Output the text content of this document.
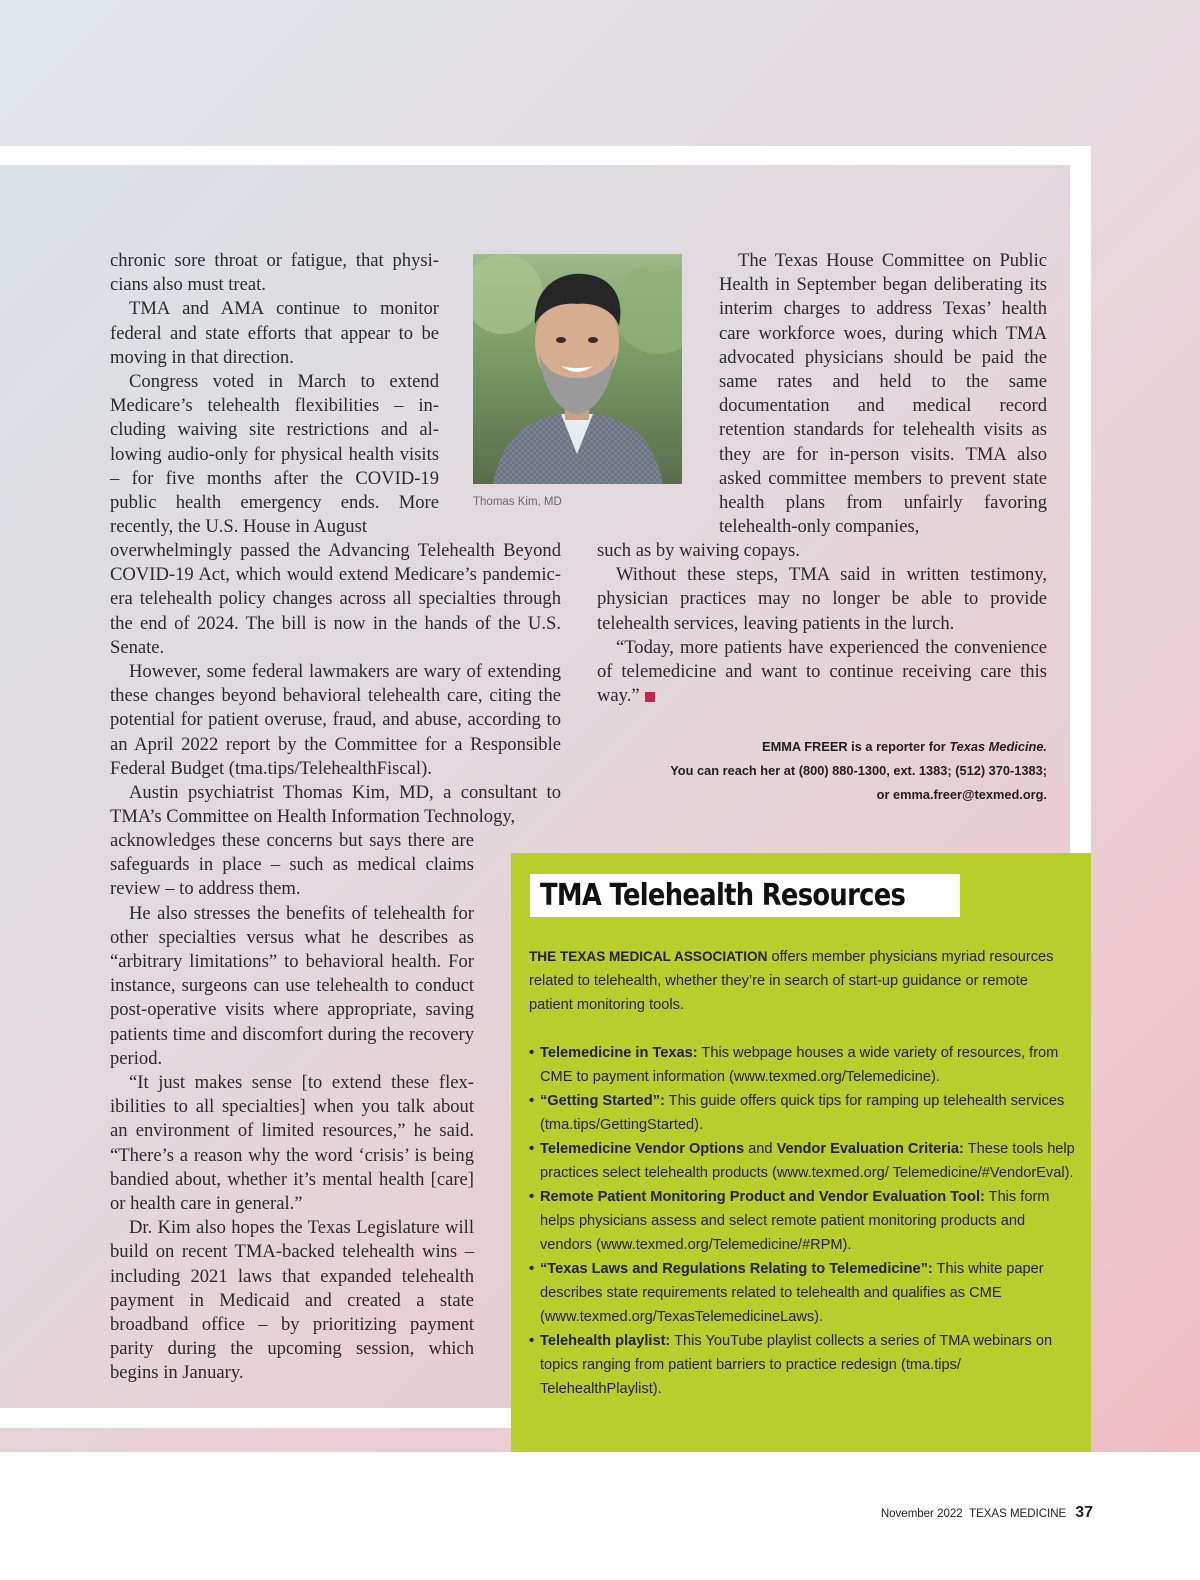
chronic sore throat or fatigue, that physicians also must treat.

TMA and AMA continue to monitor federal and state efforts that appear to be moving in that direction.

Congress voted in March to extend Medicare’s telehealth flexibilities – including waiving site restrictions and allowing audio-only for physical health visits – for five months after the COVID-19 public health emergency ends. More recently, the U.S. House in August

overwhelmingly passed the Advancing Telehealth Beyond COVID-19 Act, which would extend Medicare’s pandemic-era telehealth policy changes across all specialties through the end of 2024. The bill is now in the hands of the U.S. Senate.

However, some federal lawmakers are wary of extending these changes beyond behavioral telehealth care, citing the potential for patient overuse, fraud, and abuse, according to an April 2022 report by the Committee for a Responsible Federal Budget (tma.tips/TelehealthFiscal).

Austin psychiatrist Thomas Kim, MD, a consultant to TMA’s Committee on Health Information Technology,

acknowledges these concerns but says there are safeguards in place – such as medical claims review – to address them.

He also stresses the benefits of telehealth for other specialties versus what he describes as “arbitrary limitations” to behavioral health. For instance, surgeons can use telehealth to conduct post-operative visits where appropriate, saving patients time and discomfort during the recovery period.

“It just makes sense [to extend these flexibilities to all specialties] when you talk about an environment of limited resources,” he said. “There’s a reason why the word ‘crisis’ is being bandied about, whether it’s mental health [care] or health care in general.”

Dr. Kim also hopes the Texas Legislature will build on recent TMA-backed telehealth wins – including 2021 laws that expanded telehealth payment in Medicaid and created a state broadband office – by prioritizing payment parity during the upcoming session, which begins in January.

Thomas Kim, MD

The Texas House Committee on Public Health in September began deliberating its interim charges to address Texas’ health care workforce woes, during which TMA advocated physicians should be paid the same rates and held to the same documentation and medical record retention standards for telehealth visits as they are for in-person visits. TMA also asked committee members to prevent state health plans from unfairly favoring telehealth-only companies,

such as by waiving copays.

Without these steps, TMA said in written testimony, physician practices may no longer be able to provide telehealth services, leaving patients in the lurch.

“Today, more patients have experienced the convenience of telemedicine and want to continue receiving care this way.”

EMMA FREER is a reporter for Texas Medicine.
You can reach her at (800) 880-1300, ext. 1383; (512) 370-1383;
or emma.freer@texmed.org.
TMA Telehealth Resources

THE TEXAS MEDICAL ASSOCIATION offers member physicians myriad resources related to telehealth, whether they’re in search of start-up guidance or remote patient monitoring tools.

• Telemedicine in Texas: This webpage houses a wide variety of resources, from CME to payment information (www.texmed.org/Telemedicine).
• “Getting Started”: This guide offers quick tips for ramping up telehealth services (tma.tips/GettingStarted).
• Telemedicine Vendor Options and Vendor Evaluation Criteria: These tools help practices select telehealth products (www.texmed.org/ Telemedicine/#VendorEval).
• Remote Patient Monitoring Product and Vendor Evaluation Tool: This form helps physicians assess and select remote patient monitoring products and vendors (www.texmed.org/Telemedicine/#RPM).
• “Texas Laws and Regulations Relating to Telemedicine”: This white paper describes state requirements related to telehealth and qualifies as CME (www.texmed.org/TexasTelemedicineLaws).
• Telehealth playlist: This YouTube playlist collects a series of TMA webinars on topics ranging from patient barriers to practice redesign (tma.tips/ TelehealthPlaylist).
November 2022 TEXAS MEDICINE 37
